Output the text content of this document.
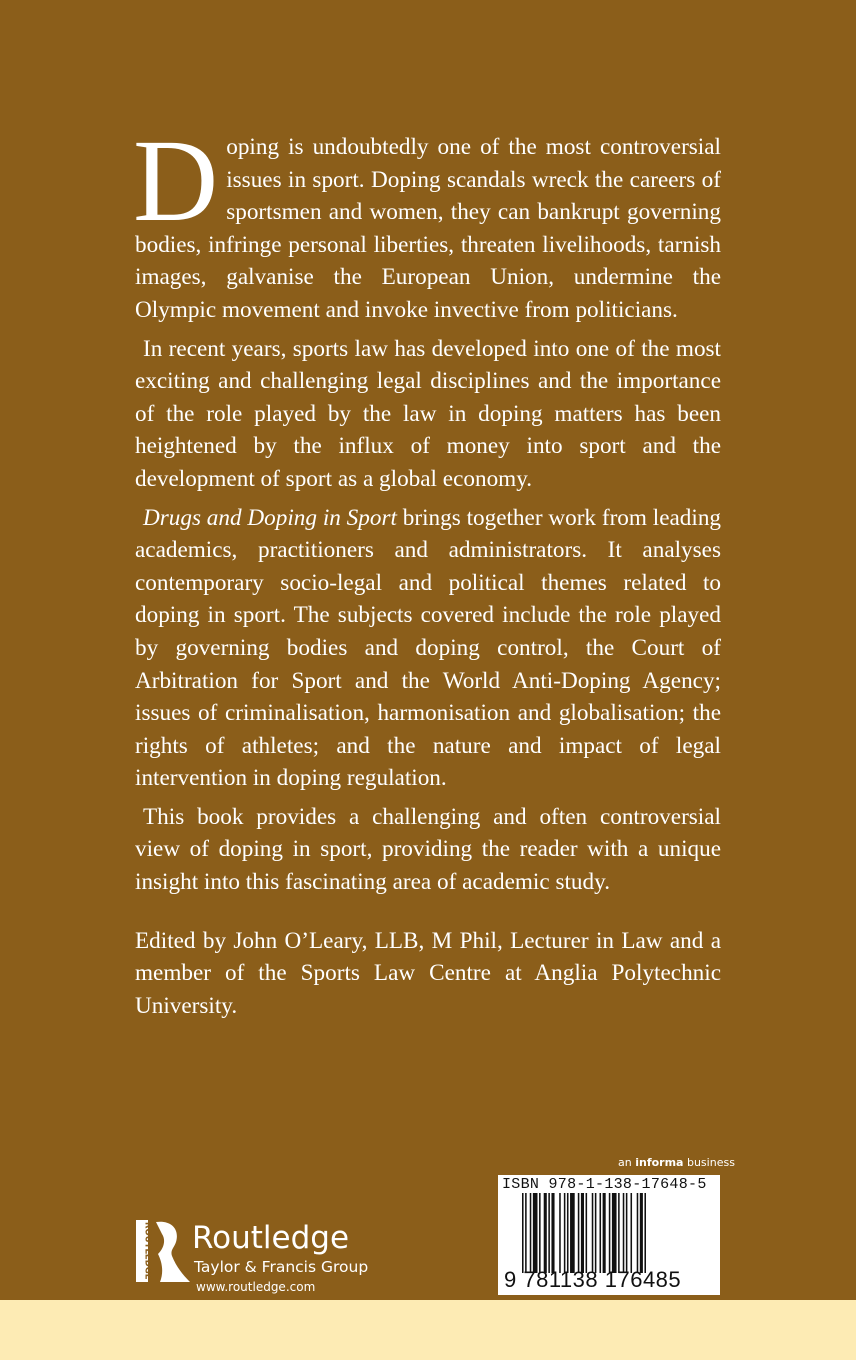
Doping is undoubtedly one of the most controversial issues in sport. Doping scandals wreck the careers of sportsmen and women, they can bankrupt governing bodies, infringe personal liberties, threaten livelihoods, tarnish images, galvanise the European Union, undermine the Olympic movement and invoke invective from politicians.

In recent years, sports law has developed into one of the most exciting and challenging legal disciplines and the importance of the role played by the law in doping matters has been heightened by the influx of money into sport and the development of sport as a global economy.

Drugs and Doping in Sport brings together work from leading academics, practitioners and administrators. It analyses contemporary socio-legal and political themes related to doping in sport. The subjects covered include the role played by governing bodies and doping control, the Court of Arbitration for Sport and the World Anti-Doping Agency; issues of criminalisation, harmonisation and globalisation; the rights of athletes; and the nature and impact of legal intervention in doping regulation.

This book provides a challenging and often controversial view of doping in sport, providing the reader with a unique insight into this fascinating area of academic study.

Edited by John O’Leary, LLB, M Phil, Lecturer in Law and a member of the Sports Law Centre at Anglia Polytechnic University.

ROUTLEDGE Routledge
Taylor & Francis Group
www.routledge.com
an informa business
ISBN 978-1-138-17648-5
9 781138 176485
